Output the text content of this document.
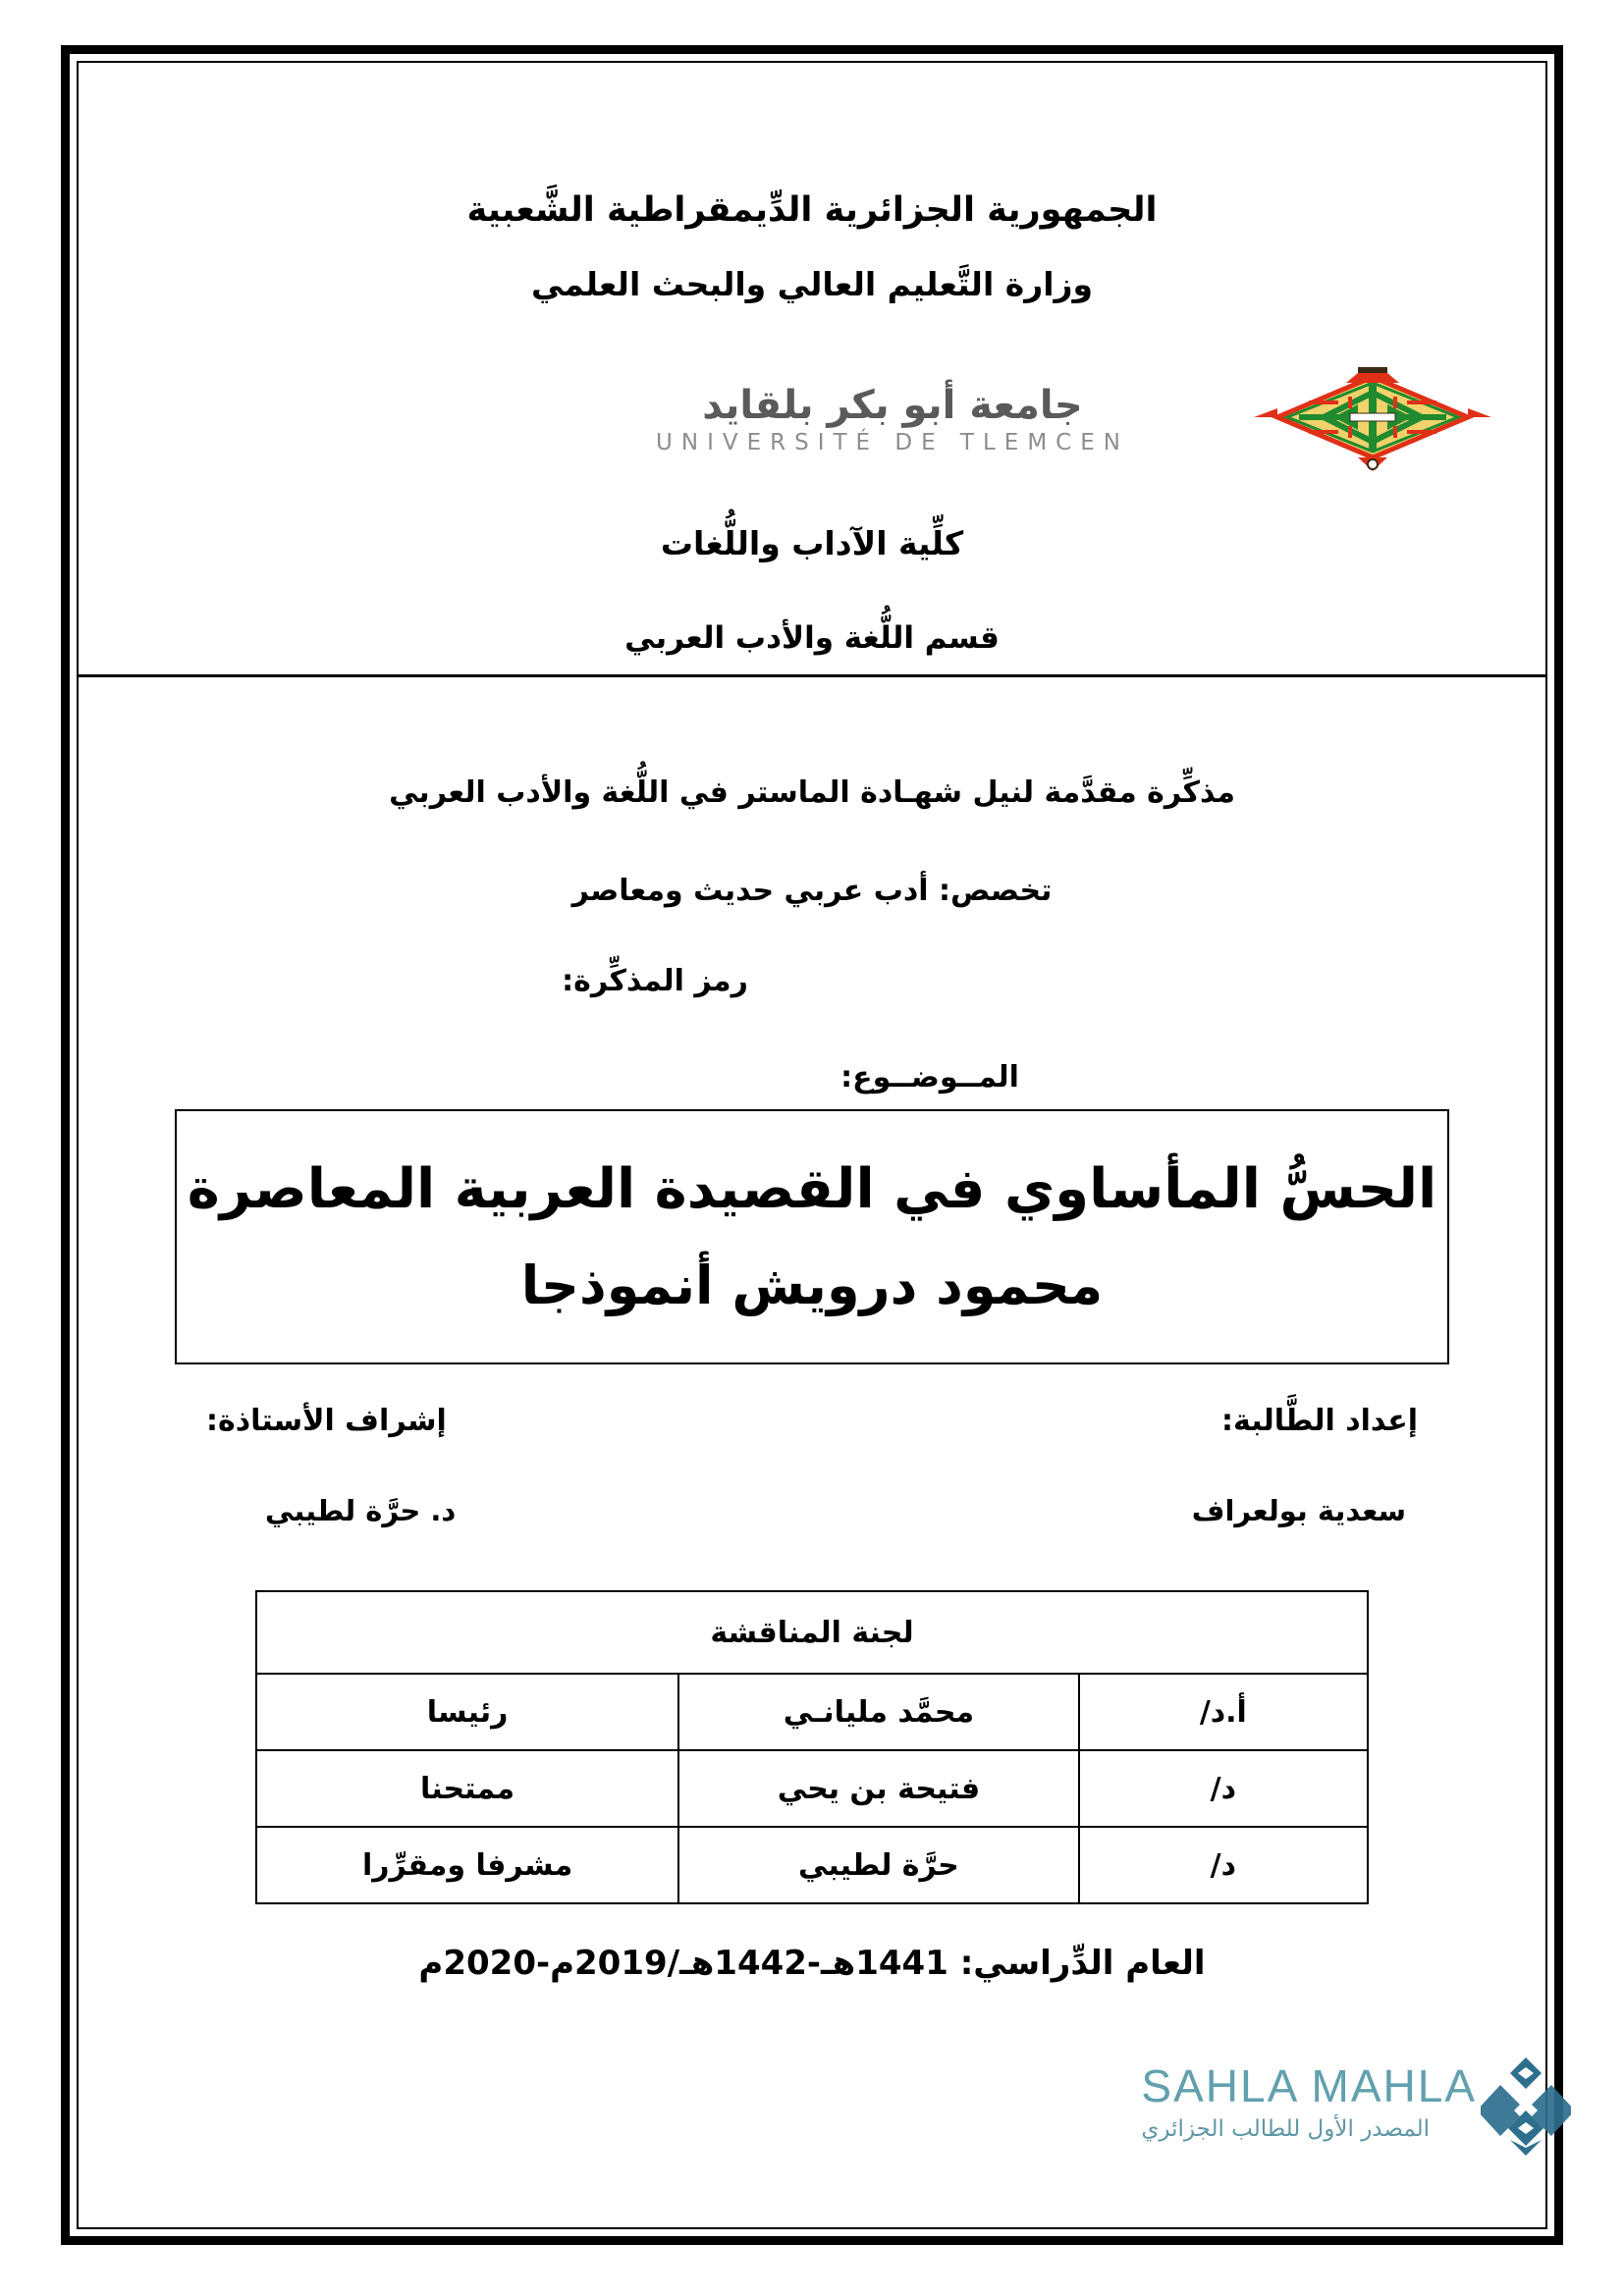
الجمهورية الجزائرية الدِّيمقراطية الشَّعبية
وزارة التَّعليم العالي والبحث العلمي
جامعة أبو بكر بلقايد
UNIVERSITÉ DE TLEMCEN
كلِّية الآداب واللُّغات
قسم اللُّغة والأدب العربي
مذكِّرة مقدَّمة لنيل شهـادة الماستر في اللُّغة والأدب العربي
تخصص: أدب عربي حديث ومعاصر
رمز المذكِّرة:
المــوضــوع:
الحسُّ المأساوي في القصيدة العربية المعاصرة
محمود درويش أنموذجا
إعداد الطَّالبة:
إشراف الأستاذة:
سعدية بولعراف
د. حرَّة لطيبي
لجنة المناقشة		
أ.د/	محمَّد مليانـي	رئيسا
د/	فتيحة بن يحي	ممتحنا
د/	حرَّة لطيبي	مشرفا ومقرِّرا
العام الدِّراسي: 1441هـ-1442هـ/2019م-2020م
SAHLA MAHLA
المصدر الأول للطالب الجزائري
